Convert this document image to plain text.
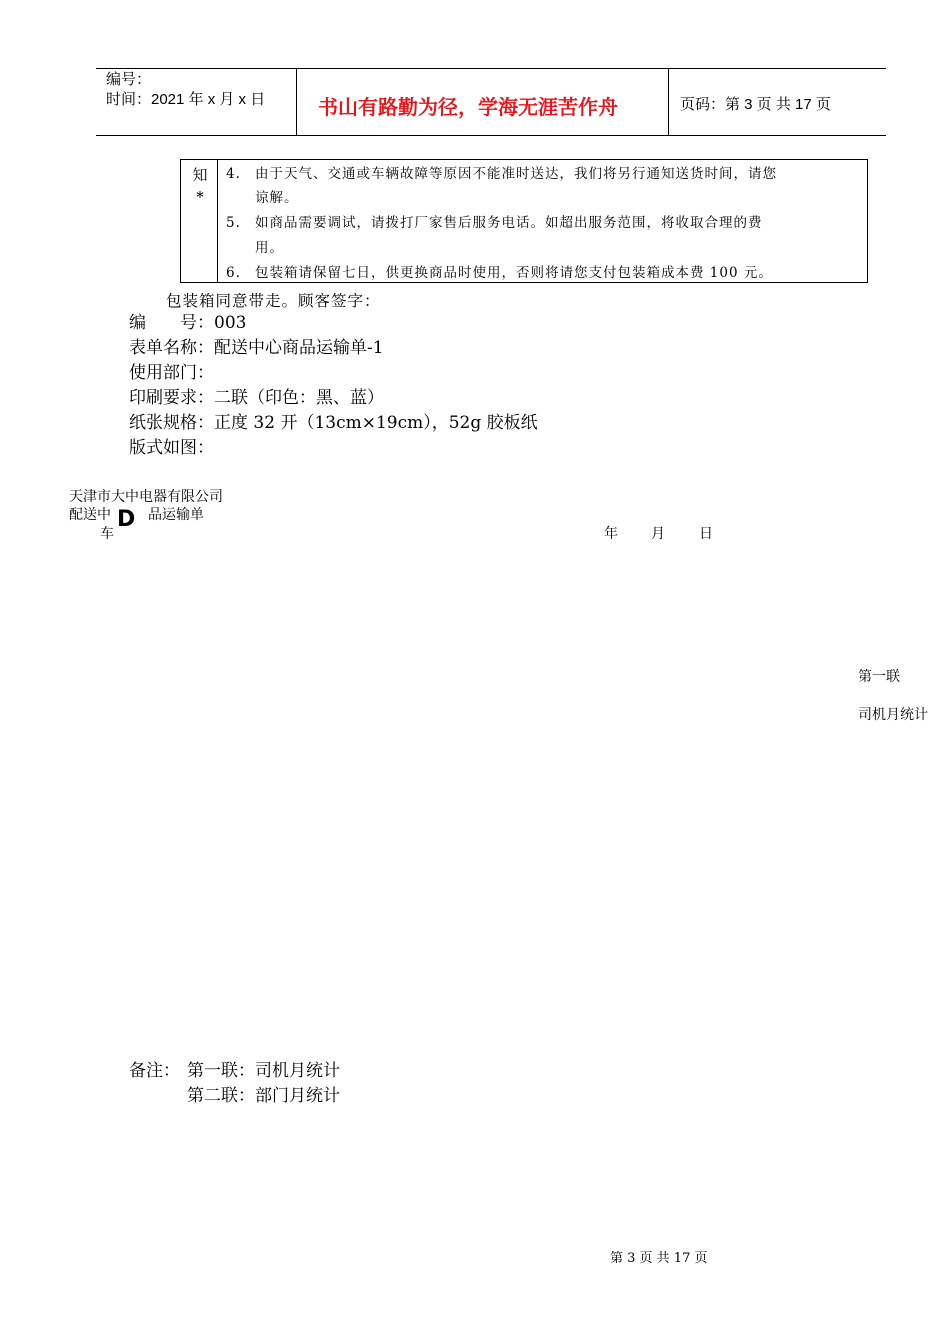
编号：
时间：2021 年 x 月 x 日	书山有路勤为径，学海无涯苦作舟	页码：第 3 页 共 17 页
知
*
4. 由于天气、交通或车辆故障等原因不能准时送达，我们将另行通知送货时间，请您
谅解。
5. 如商品需要调试，请拨打厂家售后服务电话。如超出服务范围，将收取合理的费
用。
6. 包装箱请保留七日，供更换商品时使用，否则将请您支付包装箱成本费 100 元。
包装箱同意带走。顾客签字：
编　　号：003
表单名称：配送中心商品运输单-1
使用部门：
印刷要求：二联（印色：黑、蓝）
纸张规格：正度 32 开（13cm×19cm），52g 胶板纸
版式如图：
天津市大中电器有限公司
配送中 D 品运输单
车	年 月 日
第一联
司机月统计
备注： 第一联：司机月统计
第二联：部门月统计
第 3 页 共 17 页
